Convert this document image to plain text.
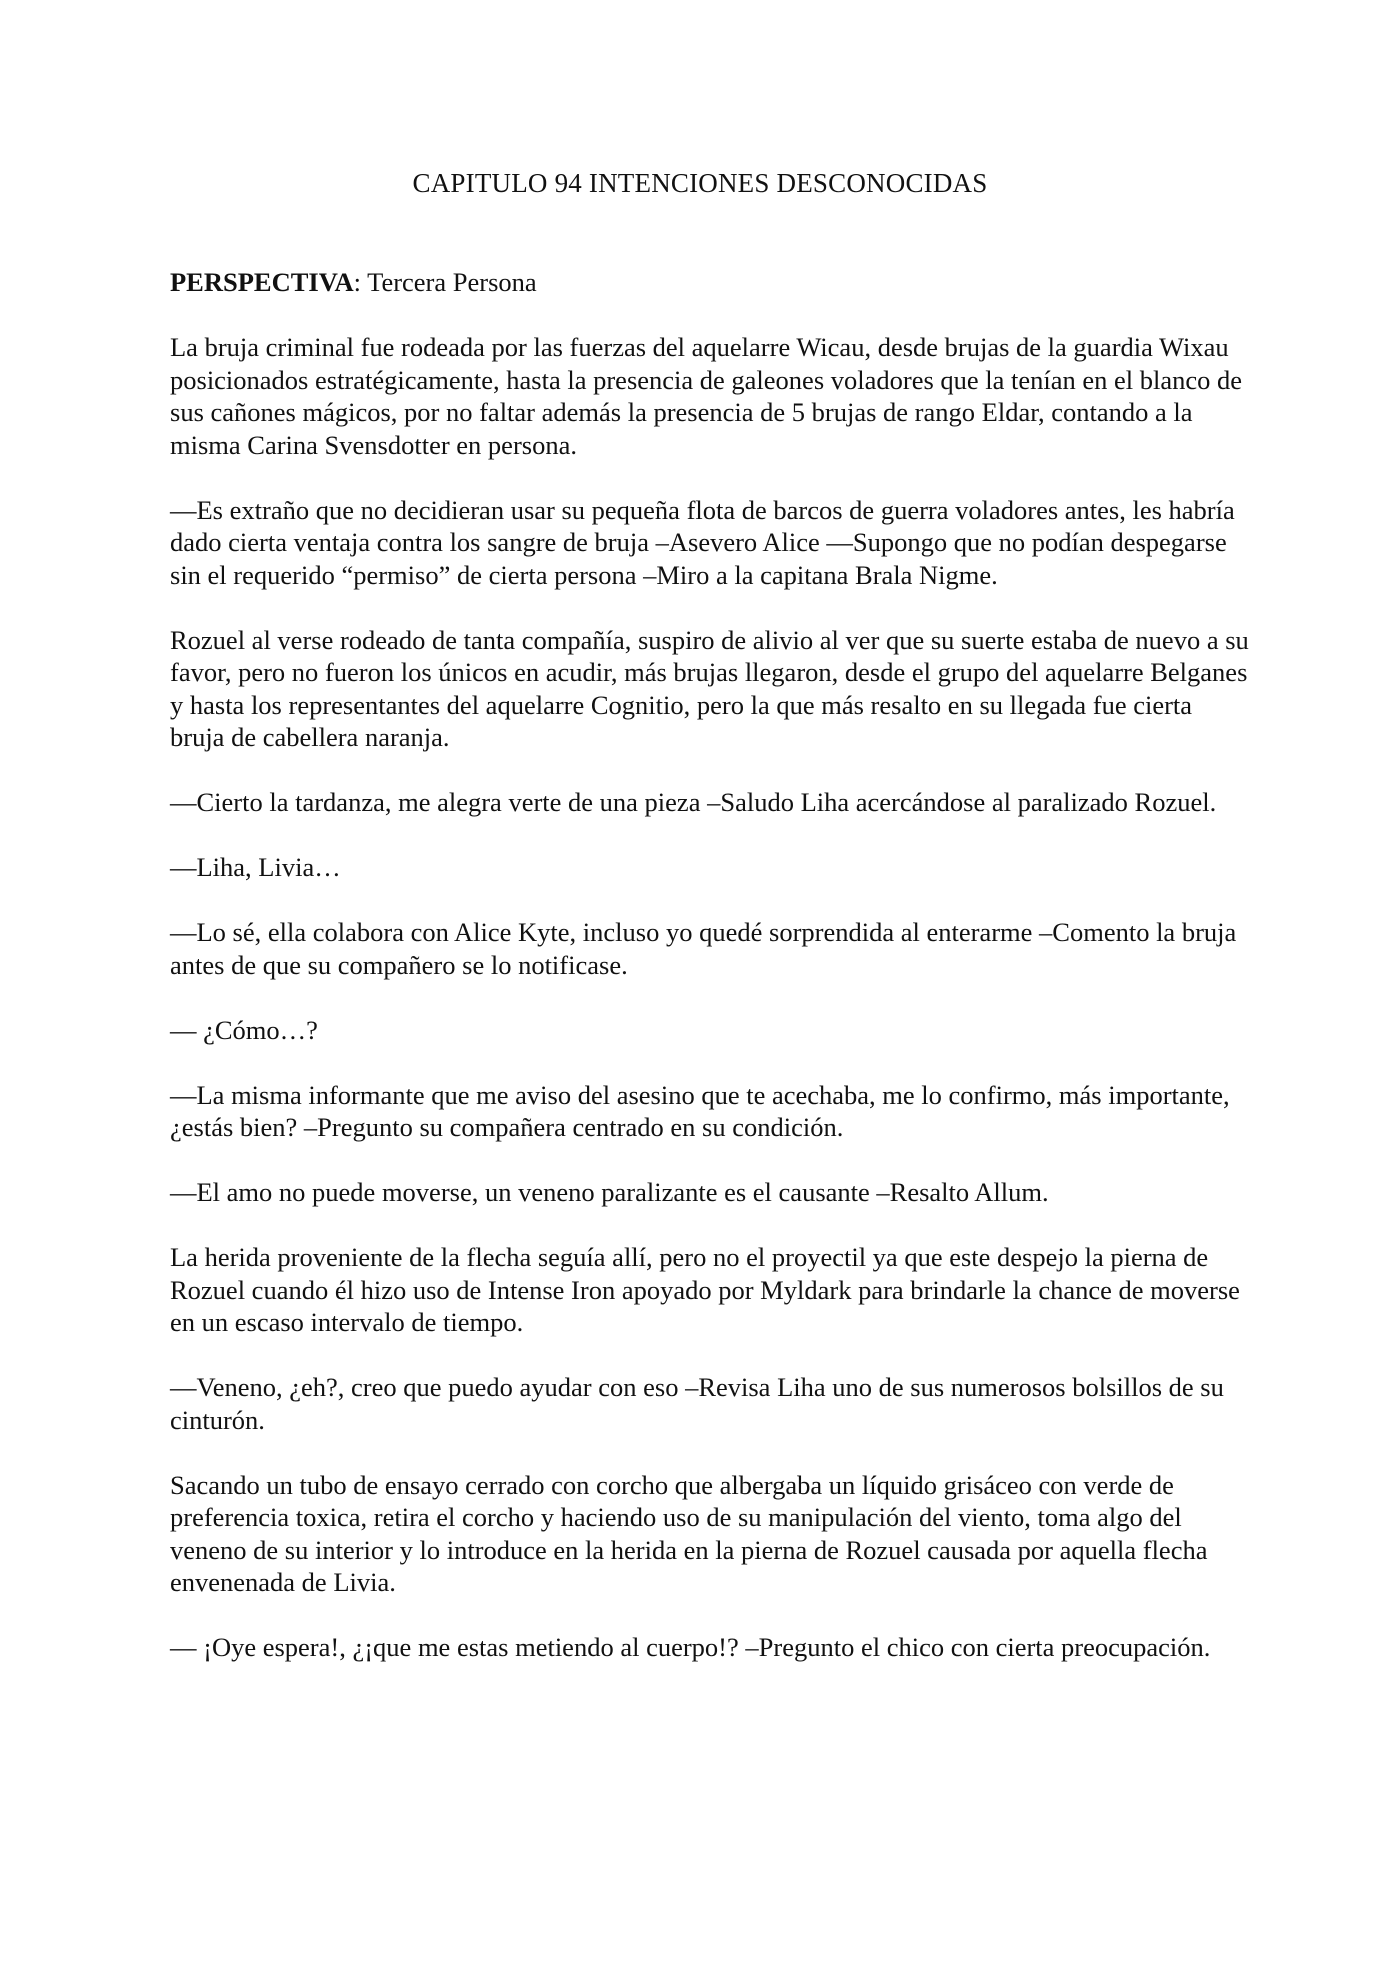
CAPITULO 94 INTENCIONES DESCONOCIDAS

PERSPECTIVA: Tercera Persona

La bruja criminal fue rodeada por las fuerzas del aquelarre Wicau, desde brujas de la guardia Wixau posicionados estratégicamente, hasta la presencia de galeones voladores que la tenían en el blanco de sus cañones mágicos, por no faltar además la presencia de 5 brujas de rango Eldar, contando a la misma Carina Svensdotter en persona.

—Es extraño que no decidieran usar su pequeña flota de barcos de guerra voladores antes, les habría dado cierta ventaja contra los sangre de bruja –Asevero Alice —Supongo que no podían despegarse sin el requerido “permiso” de cierta persona –Miro a la capitana Brala Nigme.

Rozuel al verse rodeado de tanta compañía, suspiro de alivio al ver que su suerte estaba de nuevo a su favor, pero no fueron los únicos en acudir, más brujas llegaron, desde el grupo del aquelarre Belganes y hasta los representantes del aquelarre Cognitio, pero la que más resalto en su llegada fue cierta bruja de cabellera naranja.

—Cierto la tardanza, me alegra verte de una pieza –Saludo Liha acercándose al paralizado Rozuel.

—Liha, Livia…

—Lo sé, ella colabora con Alice Kyte, incluso yo quedé sorprendida al enterarme –Comento la bruja antes de que su compañero se lo notificase.

— ¿Cómo…?

—La misma informante que me aviso del asesino que te acechaba, me lo confirmo, más importante, ¿estás bien? –Pregunto su compañera centrado en su condición.

—El amo no puede moverse, un veneno paralizante es el causante –Resalto Allum.

La herida proveniente de la flecha seguía allí, pero no el proyectil ya que este despejo la pierna de Rozuel cuando él hizo uso de Intense Iron apoyado por Myldark para brindarle la chance de moverse en un escaso intervalo de tiempo.

—Veneno, ¿eh?, creo que puedo ayudar con eso –Revisa Liha uno de sus numerosos bolsillos de su cinturón.

Sacando un tubo de ensayo cerrado con corcho que albergaba un líquido grisáceo con verde de preferencia toxica, retira el corcho y haciendo uso de su manipulación del viento, toma algo del veneno de su interior y lo introduce en la herida en la pierna de Rozuel causada por aquella flecha envenenada de Livia.

— ¡Oye espera!, ¿¡que me estas metiendo al cuerpo!? –Pregunto el chico con cierta preocupación.
